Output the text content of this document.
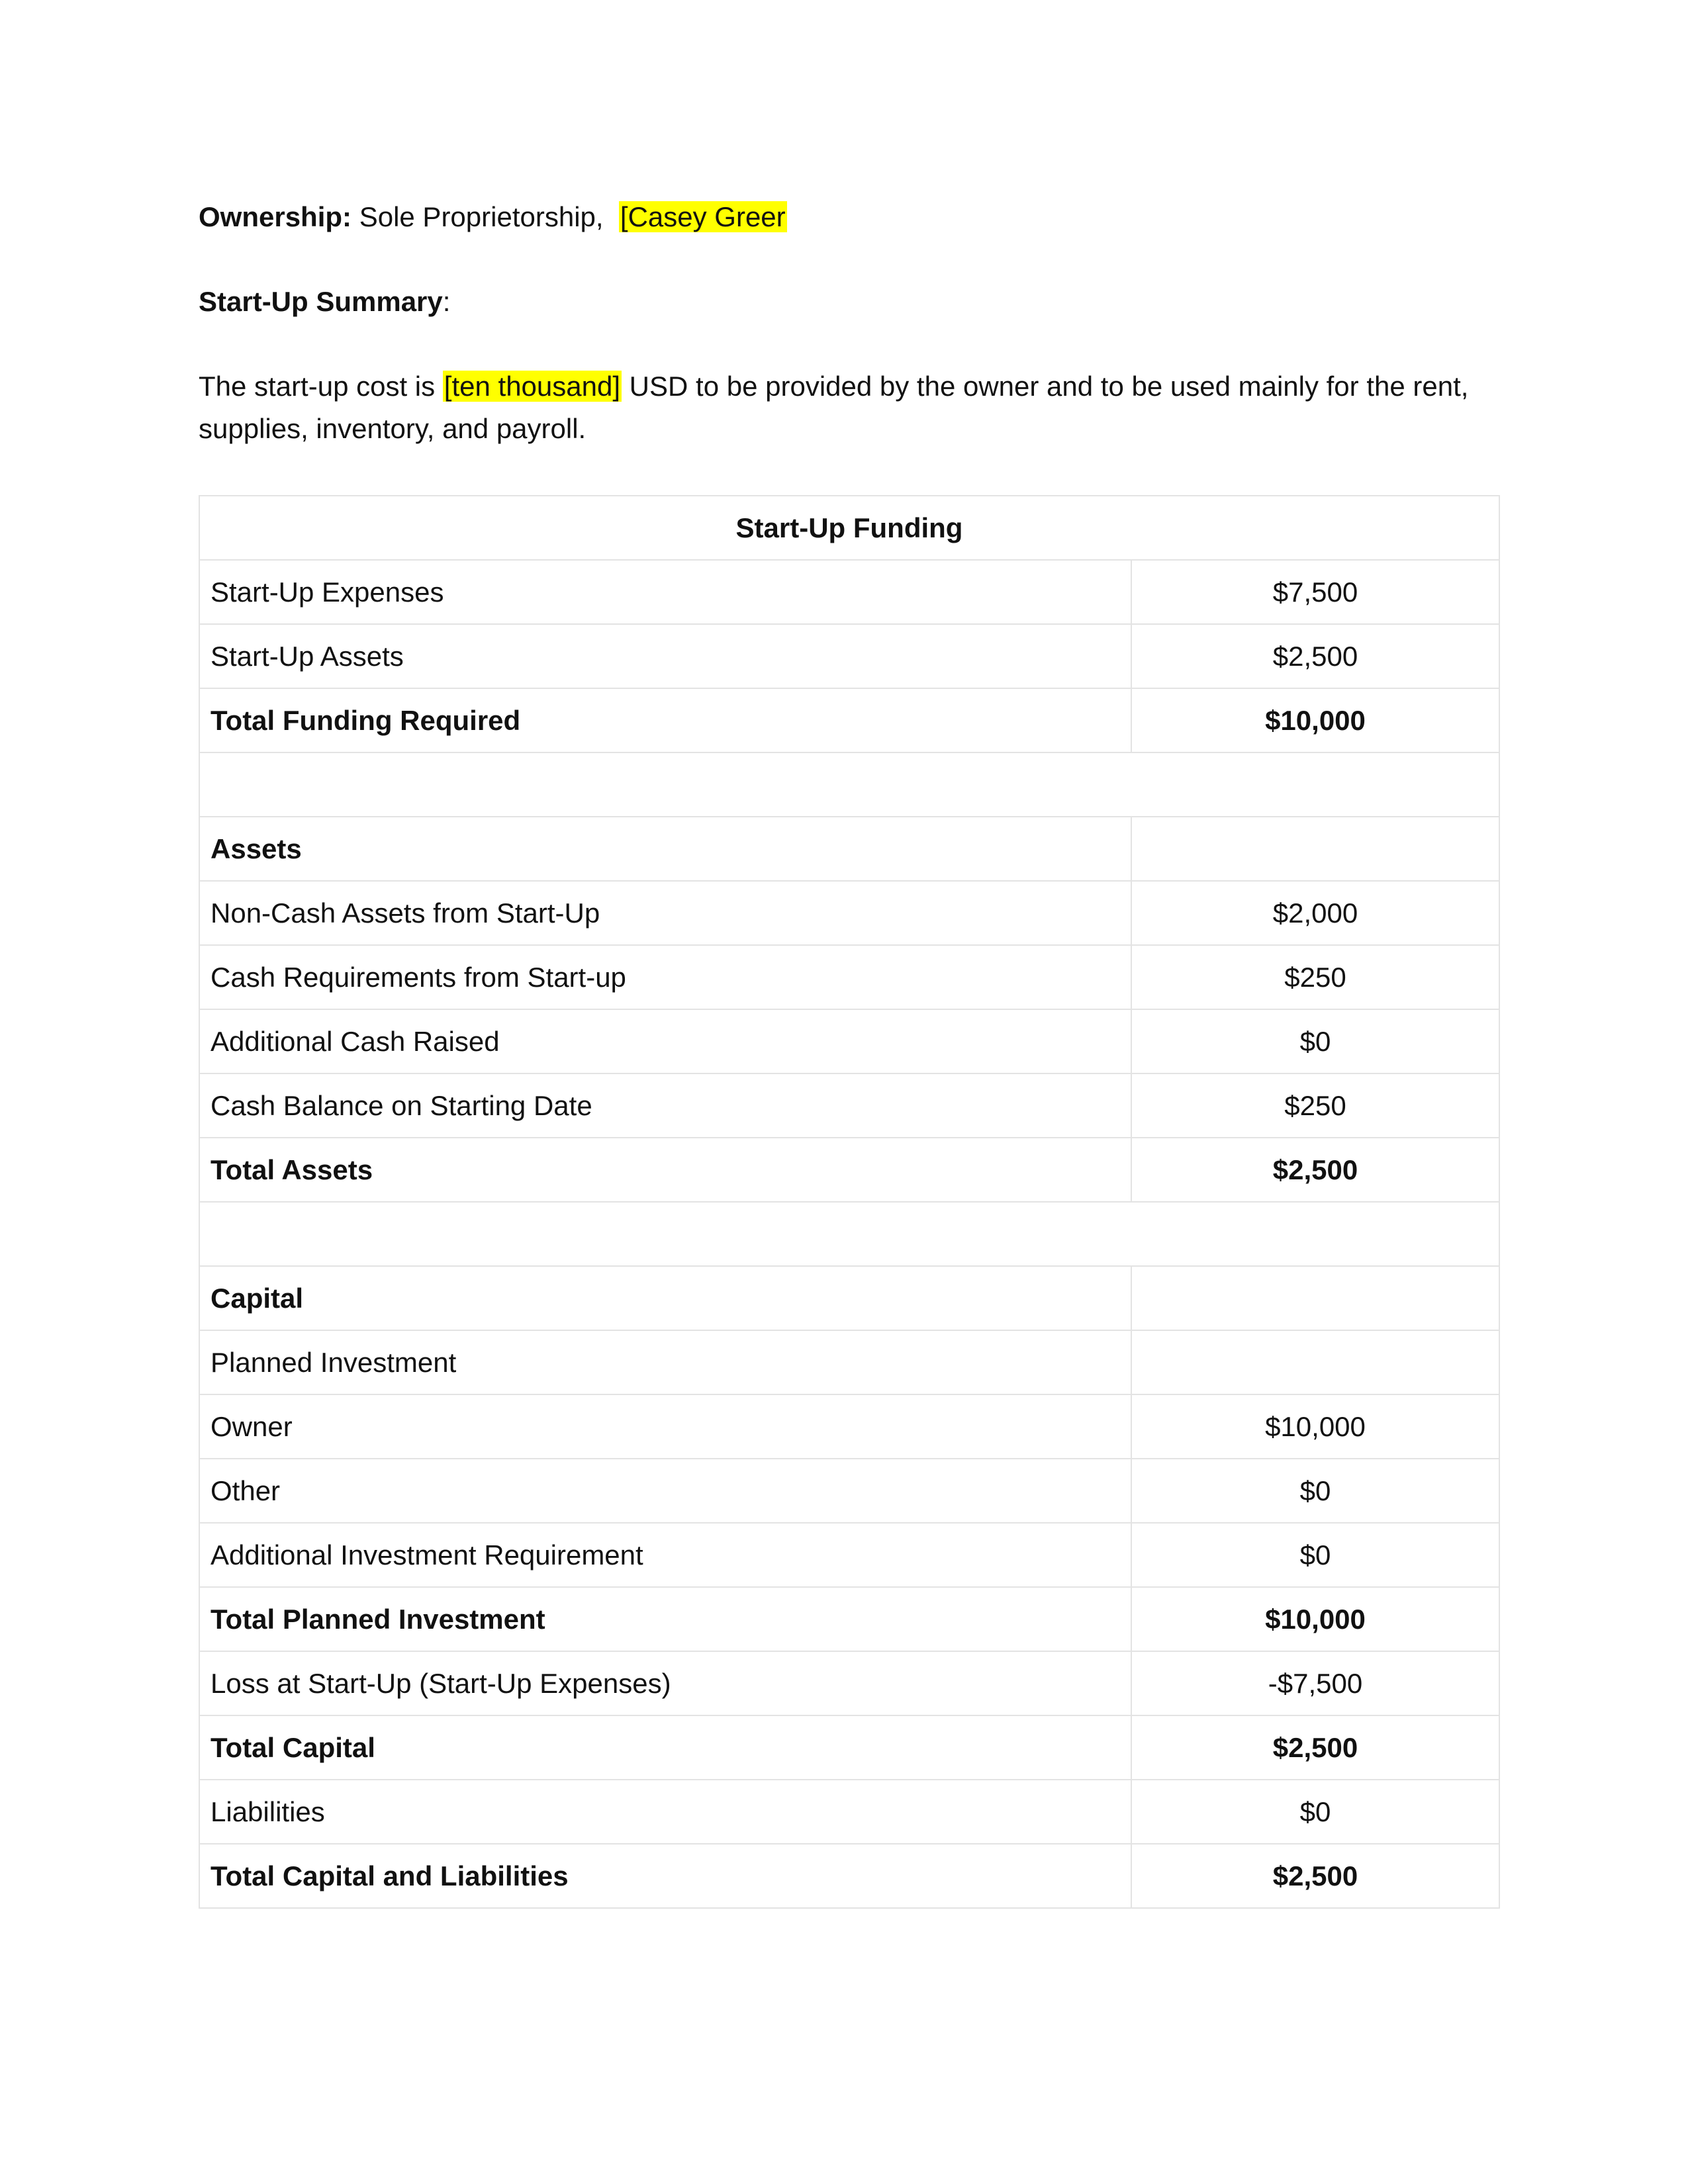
Ownership: Sole Proprietorship, [Casey Greer

Start-Up Summary:

The start-up cost is [ten thousand] USD to be provided by the owner and to be used mainly for the rent, supplies, inventory, and payroll.

Start-Up Funding	
Start-Up Expenses	$7,500
Start-Up Assets	$2,500
Total Funding Required	$10,000

Assets	
Non-Cash Assets from Start-Up	$2,000
Cash Requirements from Start-up	$250
Additional Cash Raised	$0
Cash Balance on Starting Date	$250
Total Assets	$2,500

Capital	
Planned Investment	
Owner	$10,000
Other	$0
Additional Investment Requirement	$0
Total Planned Investment	$10,000
Loss at Start-Up (Start-Up Expenses)	-$7,500
Total Capital	$2,500
Liabilities	$0
Total Capital and Liabilities	$2,500
